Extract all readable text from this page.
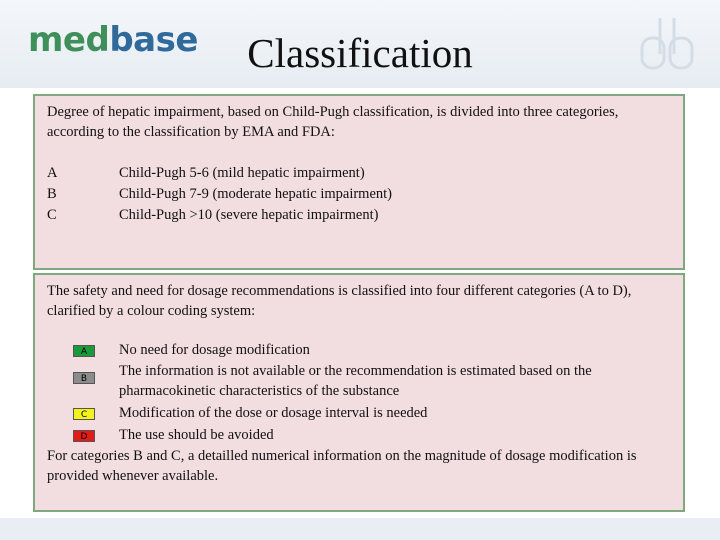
medbase	Classification

Degree of hepatic impairment, based on Child-Pugh classification, is divided into three categories, according to the classification by EMA and FDA:

A	Child-Pugh 5-6 (mild hepatic impairment)
B	Child-Pugh 7-9 (moderate hepatic impairment)
C	Child-Pugh >10 (severe hepatic impairment)

The safety and need for dosage recommendations is classified into four different categories (A to D), clarified by a colour coding system:

A	No need for dosage modification
B	The information is not available or the recommendation is estimated based on the pharmacokinetic characteristics of the substance
C	Modification of the dose or dosage interval is needed
D	The use should be avoided

For categories B and C, a detailled numerical information on the magnitude of dosage modification is provided whenever available.
